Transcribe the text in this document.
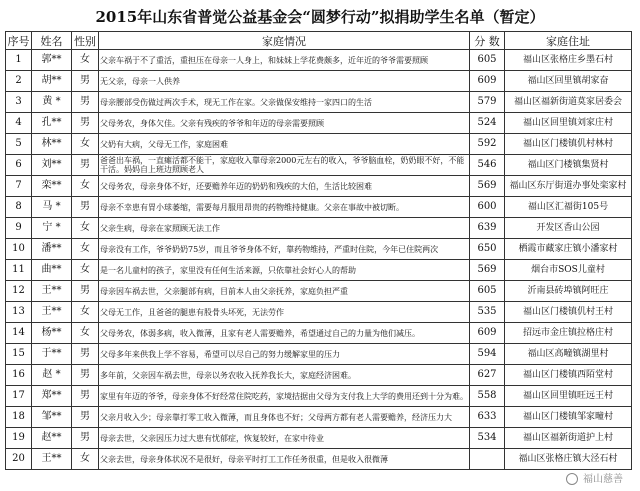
2015年山东省普觉公益基金会“圆梦行动”拟捐助学生名单（暂定）
序号	姓名	性别	家庭情况	分 数	家庭住址
1	郭**	女	父亲车祸于不了重活，重担压在母亲一人身上，和妹妹上学花费颇多，近年近的爷爷需要照顾	605	福山区张格庄乡墨石村
2	胡**	男	无父亲，母亲一人供养	609	福山区回里镇胡家奋
3	黄 *	男	母亲腰部受伤做过两次手术，现无工作在家。父亲做保安维持一家四口的生活	579	福山区福新街道莫家居委会
4	孔**	男	父母务农，身体欠佳。父亲有残疾的爷爷和年迈的母亲需要照顾	524	福山区回里镇刘家庄村
5	林**	女	父奶有大病，父母无工作，家庭困难	592	福山区门楼镇仉村林村
6	刘**	男	爸爸出车祸，一直瘫活都不能干，家庭收入靠母亲2000元左右的收入，爷爷脑血栓，奶奶眼不好，不能干活。妈妈自上班边照顾老人	546	福山区门楼镇集贤村
7	栾**	女	父母务农，母亲身体不好，还要赡养年迈的奶奶和残疾的大伯，生活比较困难	569	福山区东厅街道办事处栾家村
8	马 *	男	母亲不幸患有胃小球萎缩，需要每月服用昂贵的药物维持健康。父亲在事故中被切断。	600	福山区汇福街105号
9	宁 *	女	父亲生病，母亲在家照顾无法工作	639	开发区香山公园
10	潘**	女	母亲没有工作，爷爷奶奶75岁，而且爷爷身体不好，靠药物维持，严重时住院，今年已住院两次	650	栖霞市藏家庄镇小潘家村
11	曲**	女	是一名儿童村的孩子，家里没有任何生活来源，只依靠社会好心人的帮助	569	烟台市SOS儿童村
12	王**	男	母亲因车祸去世，父亲腿部有病，目前本人由父亲抚养，家庭负担严重	605	沂南县砖埠镇阿旺庄
13	王**	女	父母无工作，且爸爸的腿患有股骨头坏死，无法劳作	535	福山区门楼镇仉村王村
14	杨**	女	父母务农，体弱多病，收入微薄，且家有老人需要赡养，希望通过自己的力量为他们减压。	609	招远市金庄镇拉格庄村
15	于**	男	父母多年来供我上学不容易，希望可以尽自己的努力缓解家里的压力	594	福山区高疃镇湖里村
16	赵 *	男	多年前，父亲因车祸去世，母亲以务农收入抚养我长大，家庭经济困难。	627	福山区门楼镇西陌堂村
17	郑**	男	家里有年迈的爷爷，母亲身体不好经常住院吃药，家境拮据由父母为支付我上大学的费用还到十分为难。	558	福山区回里镇旺远王村
18	邹**	男	父亲月收入少；母亲靠打零工收入微薄，而且身体也不好；父母两方都有老人需要赡养，经济压力大	633	福山区门楼镇邹家疃村
19	赵**	男	母亲去世，父亲因压力过大患有忧郁症，恢复较好，在家中待业	534	福山区福新街道护上村
20	王**	女	父亲去世，母亲身体状况不是很好，母亲平时打工工作任务很重，但是收入很微薄		福山区张格庄镇大泾石村
福山慈善
